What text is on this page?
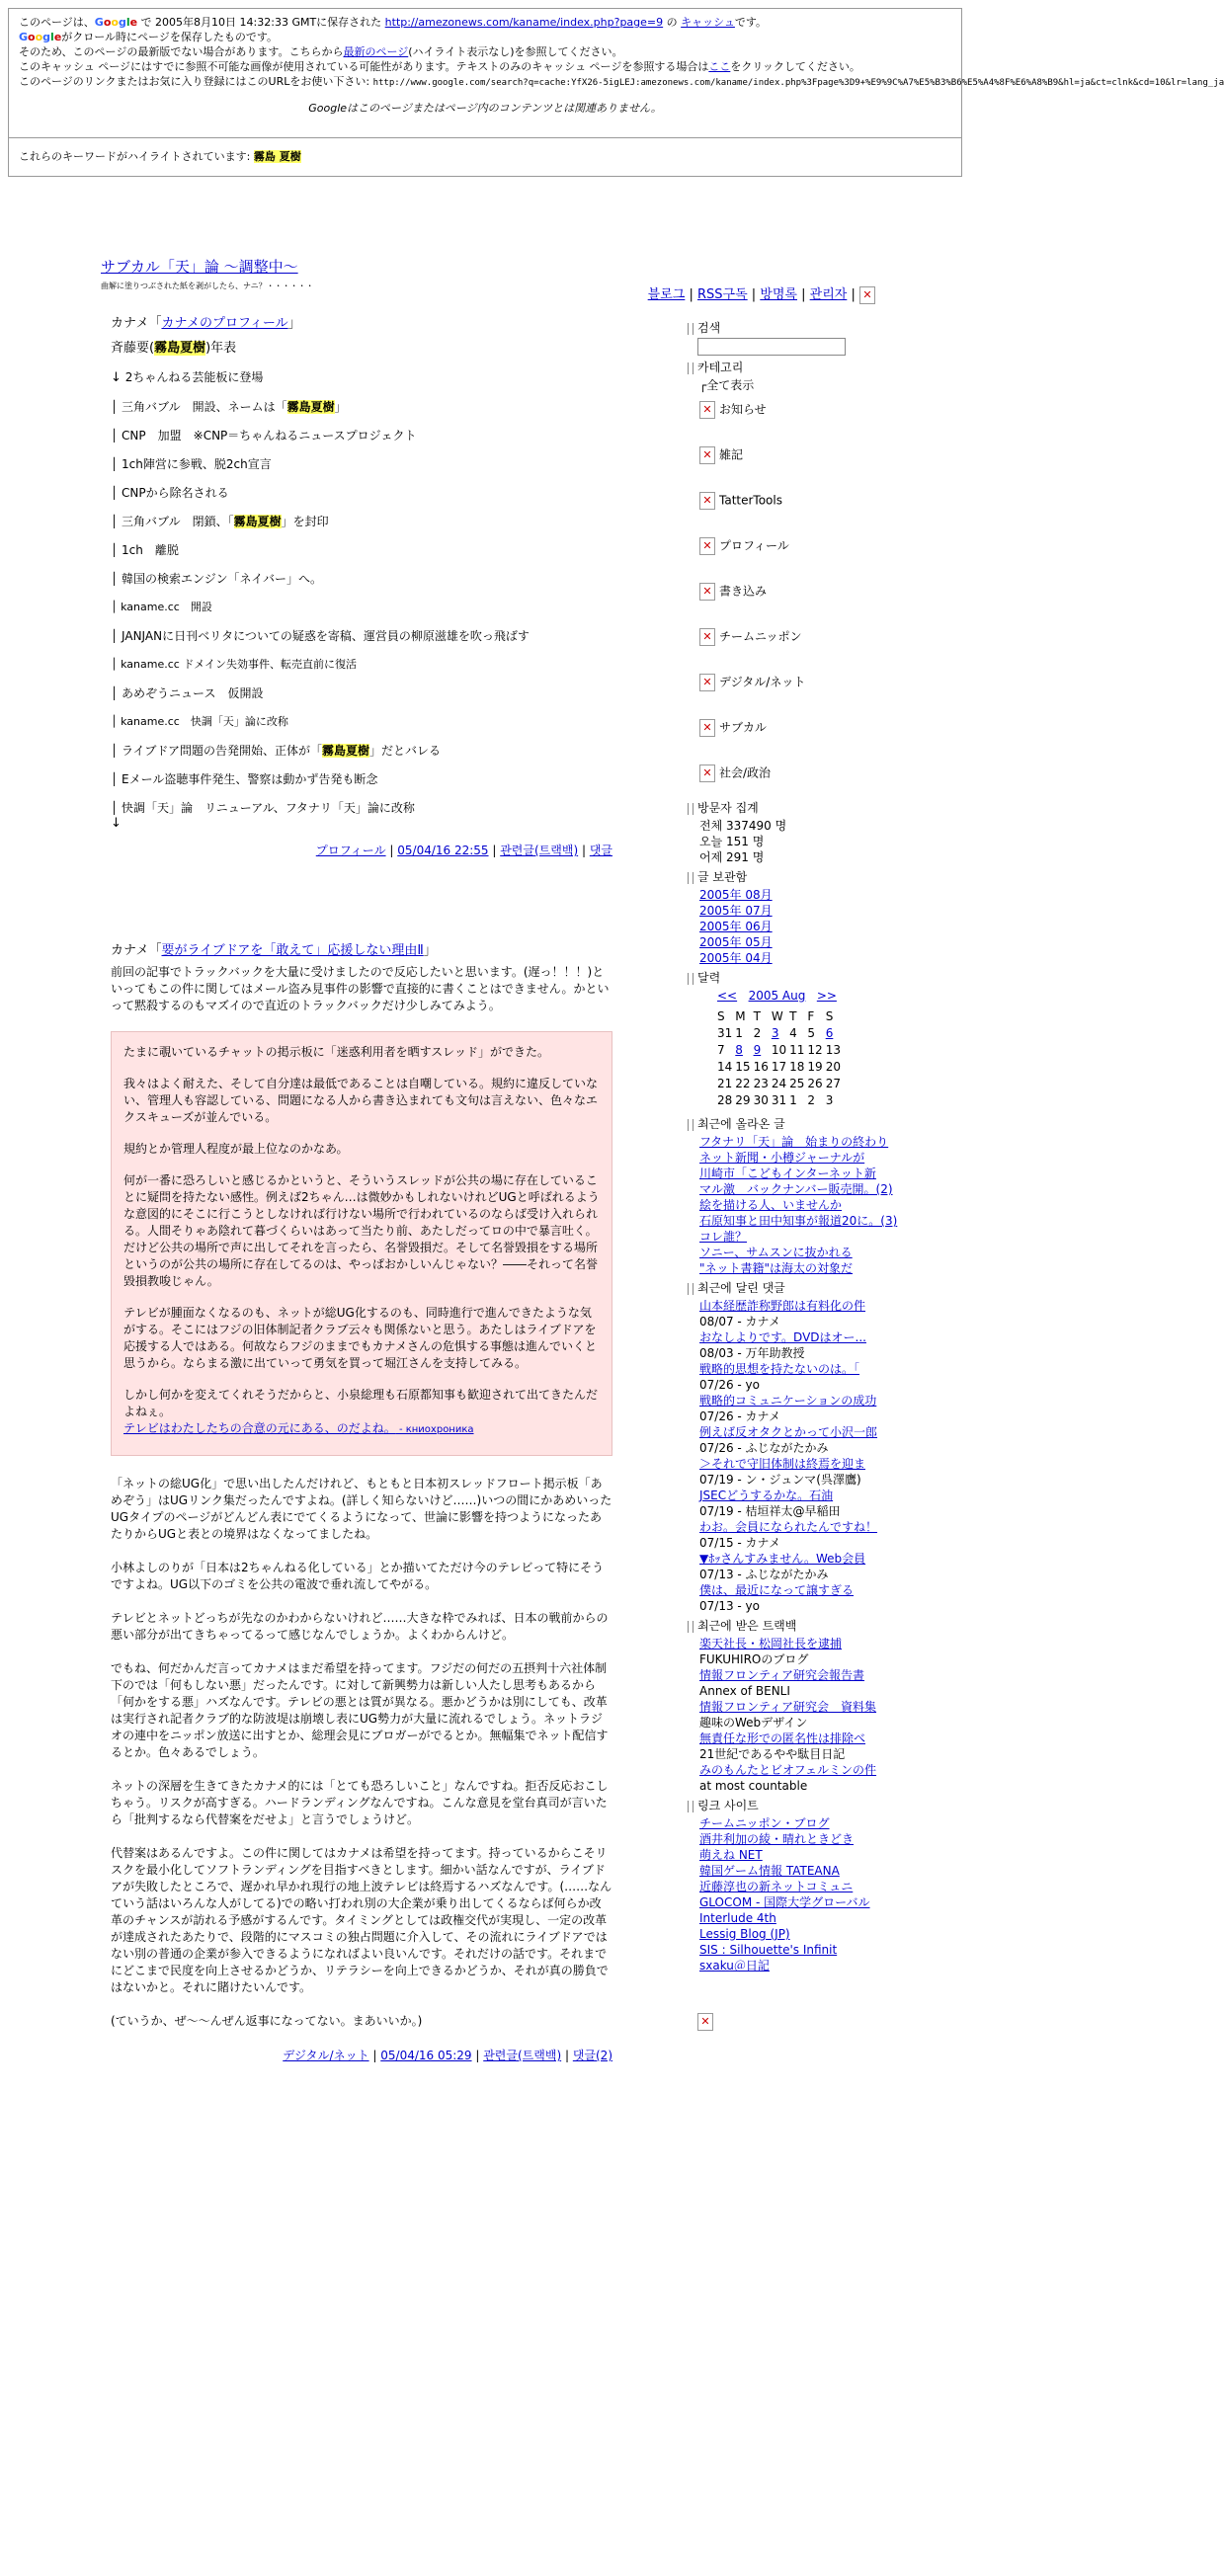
このページは、Google で 2005年8月10日 14:32:33 GMTに保存された http://amezonews.com/kaname/index.php?page=9 の キャッシュです。
Googleがクロール時にページを保存したものです。
そのため、このページの最新版でない場合があります。こちらから最新のページ(ハイライト表示なし)を参照してください。
このキャッシュ ページにはすでに参照不可能な画像が使用されている可能性があります。テキストのみのキャッシュ ページを参照する場合はここをクリックしてください。
このページのリンクまたはお気に入り登録にはこのURLをお使い下さい: http://www.google.com/search?q=cache:YfX26-5igLEJ:amezonews.com/kaname/index.php%3Fpage%3D9+%E9%9C%A7%E5%B3%B6%E5%A4%8F%E6%A8%B9&hl=ja&ct=clnk&cd=10&lr=lang_ja
Googleはこのページまたはページ内のコンテンツとは関連ありません。
これらのキーワードがハイライトされています: 霧島 夏樹
サブカル「天」論 ～調整中～
曲解に塗りつぶされた紙を剥がしたら、ナニ？・・・・・・
블로그 | RSS구독 | 방명록 | 관리자 | ✕
カナメ「カナメのプロフィール」
斉藤要(霧島夏樹)年表
↓ 2ちゃんねる芸能板に登場
│ 三角バブル　開設、ネームは「霧島夏樹」
│ CNP　加盟　※CNP＝ちゃんねるニュースプロジェクト
│ 1ch陣営に参戦、脱2ch宣言
│ CNPから除名される
│ 三角バブル　閉鎖、「霧島夏樹」を封印
│ 1ch　離脱
│ 韓国の検索エンジン「ネイバー」へ。
│ kaname.cc　開設
│ JANJANに日刊ベリタについての疑惑を寄稿、運営員の柳原滋雄を吹っ飛ばす
│ kaname.cc ドメイン失効事件、転売直前に復活
│ あめぞうニュース　仮開設
│ kaname.cc　快調「天」論に改称
│ ライブドア問題の告発開始、正体が「霧島夏樹」だとバレる
│ Eメール盗聴事件発生、警察は動かず告発も断念
│ 快調「天」論　リニューアル、フタナリ「天」論に改称
↓
プロフィール | 05/04/16 22:55 | 관련글(트랙백) | 댓글
カナメ「要がライブドアを「敢えて」応援しない理由Ⅱ」
前回の記事でトラックバックを大量に受けましたので反応したいと思います。(遅っ！！！)といってもこの件に関してはメール盗み見事件の影響で直接的に書くことはできません。かといって黙殺するのもマズイので直近のトラックバックだけ少しみてみよう。
たまに覗いているチャットの掲示板に「迷惑利用者を晒すスレッド」ができた。
我々はよく耐えた、そして自分達は最低であることは自嘲している。規約に違反していない、管理人も容認している、問題になる人から書き込まれても文句は言えない、色々なエクスキューズが並んでいる。
規約とか管理人程度が最上位なのかなあ。
何が一番に恐ろしいと感じるかというと、そういうスレッドが公共の場に存在していることに疑問を持たない感性。例えば2ちゃん…は微妙かもしれないけれどUGと呼ばれるような意図的にそこに行こうとしなければ行けない場所で行われているのならば受け入れられる。人間そりゃあ陰れて暮づくらいはあって当たり前、あたしだってロの中で暴言吐く。だけど公共の場所で声に出してそれを言ったら、名誉毀損だ。そして名誉毀損をする場所というのが公共の場所に存在してるのは、やっぱおかしいんじゃない？――それって名誉毀損教唆じゃん。
テレビが腫面なくなるのも、ネットが総UG化するのも、同時進行で進んできたような気がする。そこにはフジの旧体制記者クラブ云々も関係ないと思う。あたしはライブドアを応援する人ではある。何故ならフジのままでもカナメさんの危惧する事態は進んでいくと思うから。ならまる激に出ていって勇気を買って堀江さんを支持してみる。
しかし何かを変えてくれそうだからと、小泉総理も石原都知事も歓迎されて出てきたんだよねぇ。
テレビはわたしたちの合意の元にある、のだよね。 - книохроника
「ネットの総UG化」で思い出したんだけれど、もともと日本初スレッドフロート掲示板「あめぞう」はUGリンク集だったんですよね。(詳しく知らないけど……)いつの間にかあめいったUGタイプのページがどんどん表にでてくるようになって、世論に影響を持つようになったあたりからUGと表との境界はなくなってましたね。
小林よしのりが「日本は2ちゃんねる化している」とか描いてただけ今のテレビって特にそうですよね。UG以下のゴミを公共の電波で垂れ流してやがる。
テレビとネットどっちが先なのかわからないけれど……大きな枠でみれば、日本の戦前からの悪い部分が出てきちゃってるって感じなんでしょうか。よくわからんけど。
でもね、何だかんだ言ってカナメはまだ希望を持ってます。フジだの何だの五摂判十六社体制下のでは「何もしない悪」だったんです。に対して新興勢力は新しい人たし思考もあるから「何かをする悪」ハズなんです。テレビの悪とは質が異なる。悪かどうかは別にしても、改革は実行され記者クラブ的な防波堤は崩壊し表にUG勢力が大量に流れるでしょう。ネットラジオの連中をニッポン放送に出すとか、総理会見にブロガーがでるとか。無幅集でネット配信するとか。色々あるでしょう。
ネットの深層を生きてきたカナメ的には「とても恐ろしいこと」なんですね。拒否反応おこしちゃう。リスクが高すぎる。ハードランディングなんですね。こんな意見を堂台真司が言いたら「批判するなら代替案をだせよ」と言うでしょうけど。
代替案はあるんですよ。この件に関してはカナメは希望を持ってます。持っているからこそリスクを最小化してソフトランディングを目指すべきとします。細かい話なんですが、ライブドアが失敗したところで、遅かれ早かれ現行の地上波テレビは終焉するハズなんです。(……なんていう話はいろんな人がしてる)での略い打われ別の大企業が乗り出してくるならば何らか改革のチャンスが訪れる予感がするんです。タイミングとしては政権交代が実現し、一定の改革が達成されたあたりで、段階的にマスコミの独占問題に介入して、その流れにライブドアではない別の普通の企業が参入できるようになればよい良いんです。それだけの話です。それまでにどこまで民度を向上させるかどうか、リテラシーを向上できるかどうか、それが真の勝負ではないかと。それに賭けたいんです。
(ていうか、ぜ〜〜んぜん返事になってない。まあいいか。)
デジタル/ネット | 05/04/16 05:29 | 관련글(트랙백) | 댓글(2)
검색
카테고리
┌全て表示
✕ お知らせ
✕ 雑記
✕ TatterTools
✕ プロフィール
✕ 書き込み
✕ チームニッポン
✕ デジタル/ネット
✕ サブカル
✕ 社会/政治
방문자 집계
전체 337490 명
오늘 151 명
어제 291 명
글 보관함
2005年 08月
2005年 07月
2005年 06月
2005年 05月
2005年 04月
달력
<< 2005 Aug >>
S	M	T	W	T	F	S
31	1	2	3	4	5	6
7	8	9	10	11	12	13
14	15	16	17	18	19	20
21	22	23	24	25	26	27
28	29	30	31	1	2	3
최근에 올라온 글
フタナリ「天」論　始まりの終わり
ネット新聞・小樽ジャーナルが
川崎市「こどもインターネット新
マル激　バックナンバー販売開。(2)
絵を描ける人、いませんか
石原知事と田中知事が報道20に。(3)
コレ誰？
ソニー、サムスンに抜かれる
"ネット書籍"は海太の対象だ
최근에 달린 댓글
山本経歴詐称野郎は有料化の件
08/07 - カナメ
おなしよりです。DVDはオー...
08/03 - 万年助教授
戦略的思想を持たないのは。「
07/26 - yo
戦略的コミュニケーションの成功
07/26 - カナメ
例えば反オタクとかって小沢一郎
07/26 - ふじながたかみ
＞それで守旧体制は終焉を迎ま
07/19 - ン・ジュンマ(呉澤鷹)
JSECどうするかな。石油
07/19 - 桔垣祥太@早稲田
わお。会員になられたんですね！
07/15 - カナメ
▼ﾎｯさんすみません。Web会員
07/13 - ふじながたかみ
僕は、最近になって譲すぎる
07/13 - yo
최근에 받은 트랙백
楽天社長・松岡社長を逮捕
FUKUHIROのブログ
情報フロンティア研究会報告書
Annex of BENLI
情報フロンティア研究会　資料集
趣味のWebデザイン
無責任な形での匿名性は排除べ
21世紀であるやや駄目日記
みのもんたとビオフェルミンの件
at most countable
링크 사이트
チームニッポン・ブログ
酒井利加の綾・晴れときどき
萌えね NET
韓国ゲーム情報 TATEANA
近藤淳也の新ネットコミュニ
GLOCOM - 国際大学グローバル
Interlude 4th
Lessig Blog (JP)
SIS : Silhouette's Infinit
sxaku＠日記
✕
